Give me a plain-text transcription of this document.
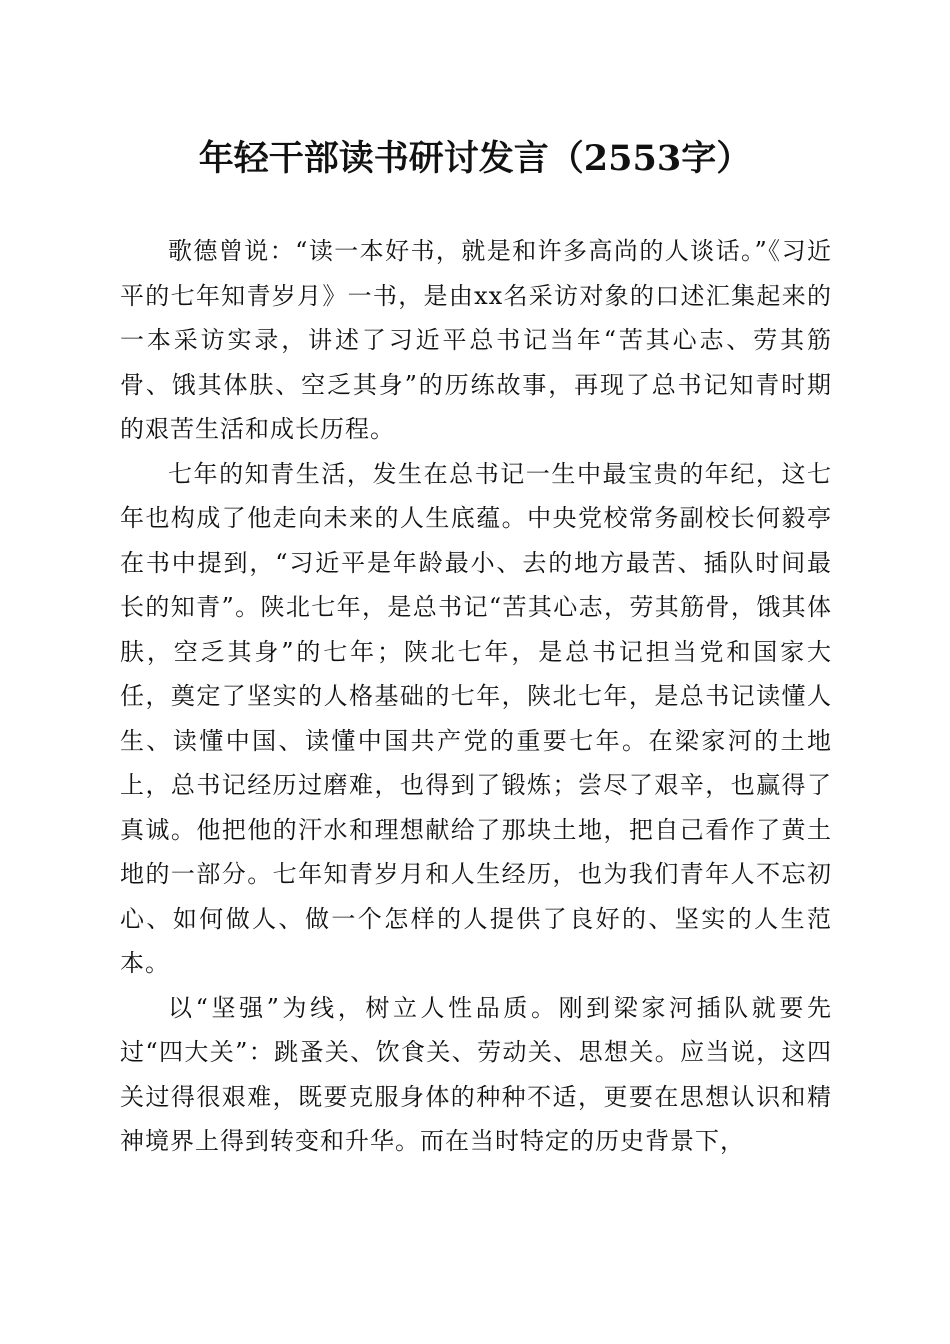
年轻干部读书研讨发言（2553字）

歌德曾说：“读一本好书，就是和许多高尚的人谈话。”《习近平的七年知青岁月》一书，是由xx名采访对象的口述汇集起来的一本采访实录，讲述了习近平总书记当年“苦其心志、劳其筋骨、饿其体肤、空乏其身”的历练故事，再现了总书记知青时期的艰苦生活和成长历程。

七年的知青生活，发生在总书记一生中最宝贵的年纪，这七年也构成了他走向未来的人生底蕴。中央党校常务副校长何毅亭在书中提到，“习近平是年龄最小、去的地方最苦、插队时间最长的知青”。陕北七年，是总书记“苦其心志，劳其筋骨，饿其体肤，空乏其身”的七年；陕北七年，是总书记担当党和国家大任，奠定了坚实的人格基础的七年，陕北七年，是总书记读懂人生、读懂中国、读懂中国共产党的重要七年。在梁家河的土地上，总书记经历过磨难，也得到了锻炼；尝尽了艰辛，也赢得了真诚。他把他的汗水和理想献给了那块土地，把自己看作了黄土地的一部分。七年知青岁月和人生经历，也为我们青年人不忘初心、如何做人、做一个怎样的人提供了良好的、坚实的人生范本。

以“坚强”为线，树立人性品质。刚到梁家河插队就要先过“四大关”：跳蚤关、饮食关、劳动关、思想关。应当说，这四关过得很艰难，既要克服身体的种种不适，更要在思想认识和精神境界上得到转变和升华。而在当时特定的历史背景下，
